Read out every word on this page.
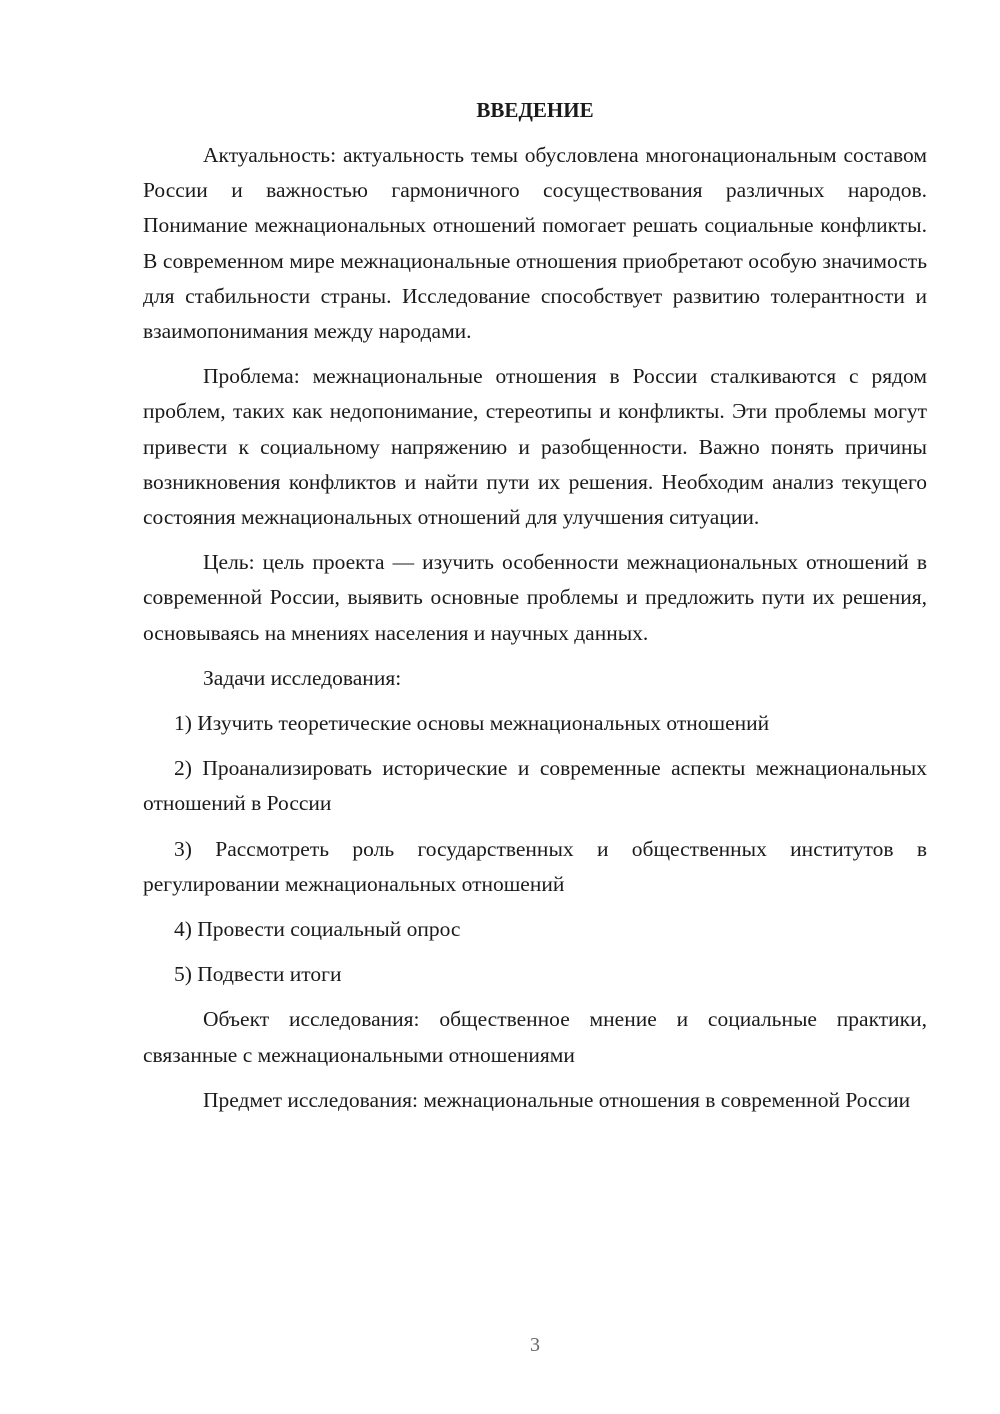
ВВЕДЕНИЕ

Актуальность: актуальность темы обусловлена многонациональным составом России и важностью гармоничного сосуществования различных народов. Понимание межнациональных отношений помогает решать социальные конфликты. В современном мире межнациональные отношения приобретают особую значимость для стабильности страны. Исследование способствует развитию толерантности и взаимопонимания между народами.

Проблема: межнациональные отношения в России сталкиваются с рядом проблем, таких как недопонимание, стереотипы и конфликты. Эти проблемы могут привести к социальному напряжению и разобщенности. Важно понять причины возникновения конфликтов и найти пути их решения. Необходим анализ текущего состояния межнациональных отношений для улучшения ситуации.

Цель: цель проекта — изучить особенности межнациональных отношений в современной России, выявить основные проблемы и предложить пути их решения, основываясь на мнениях населения и научных данных.

Задачи исследования:

1) Изучить теоретические основы межнациональных отношений

2) Проанализировать исторические и современные аспекты межнациональных отношений в России

3) Рассмотреть роль государственных и общественных институтов в регулировании межнациональных отношений

4) Провести социальный опрос

5) Подвести итоги

Объект исследования: общественное мнение и социальные практики, связанные с межнациональными отношениями

Предмет исследования: межнациональные отношения в современной России

3
